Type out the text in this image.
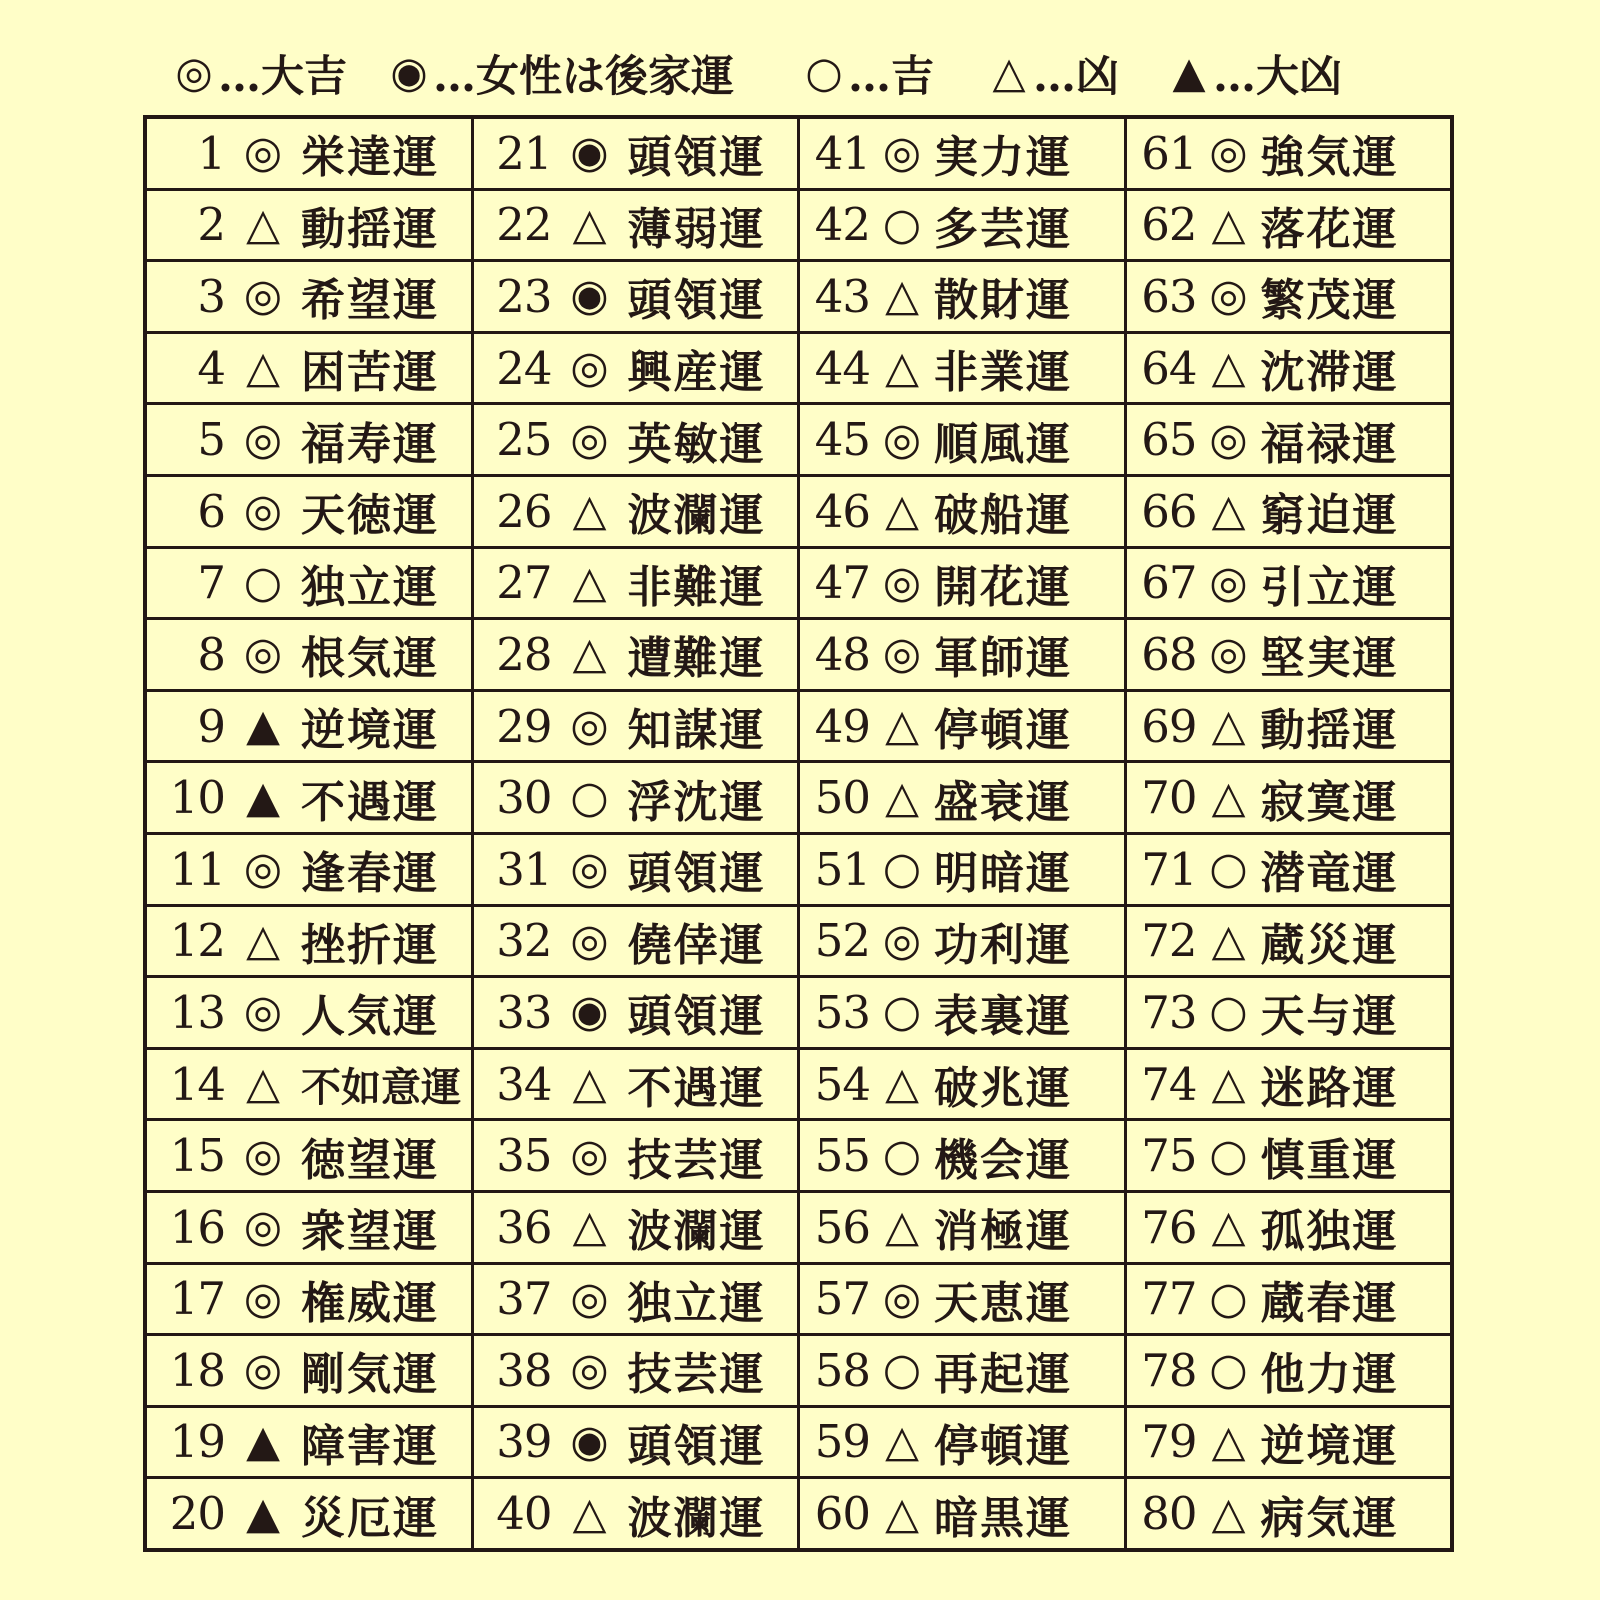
◎ …大吉 ◉ …女性は後家運 ○ …吉 △ …凶 ▲ …大凶
1 ◎ 栄達運
2 △ 動揺運
3 ◎ 希望運
4 △ 困苦運
5 ◎ 福寿運
6 ◎ 天徳運
7 ○ 独立運
8 ◎ 根気運
9 ▲ 逆境運
10 ▲ 不遇運
11 ◎ 逢春運
12 △ 挫折運
13 ◎ 人気運
14 △ 不如意運
15 ◎ 徳望運
16 ◎ 衆望運
17 ◎ 権威運
18 ◎ 剛気運
19 ▲ 障害運
20 ▲ 災厄運
21 ◉ 頭領運
22 △ 薄弱運
23 ◉ 頭領運
24 ◎ 興産運
25 ◎ 英敏運
26 △ 波瀾運
27 △ 非難運
28 △ 遭難運
29 ◎ 知謀運
30 ○ 浮沈運
31 ◎ 頭領運
32 ◎ 僥倖運
33 ◉ 頭領運
34 △ 不遇運
35 ◎ 技芸運
36 △ 波瀾運
37 ◎ 独立運
38 ◎ 技芸運
39 ◉ 頭領運
40 △ 波瀾運
41 ◎ 実力運
42 ○ 多芸運
43 △ 散財運
44 △ 非業運
45 ◎ 順風運
46 △ 破船運
47 ◎ 開花運
48 ◎ 軍師運
49 △ 停頓運
50 △ 盛衰運
51 ○ 明暗運
52 ◎ 功利運
53 ○ 表裏運
54 △ 破兆運
55 ○ 機会運
56 △ 消極運
57 ◎ 天恵運
58 ○ 再起運
59 △ 停頓運
60 △ 暗黒運
61 ◎ 強気運
62 △ 落花運
63 ◎ 繁茂運
64 △ 沈滞運
65 ◎ 福禄運
66 △ 窮迫運
67 ◎ 引立運
68 ◎ 堅実運
69 △ 動揺運
70 △ 寂寞運
71 ○ 潜竜運
72 △ 蔵災運
73 ○ 天与運
74 △ 迷路運
75 ○ 慎重運
76 △ 孤独運
77 ○ 蔵春運
78 ○ 他力運
79 △ 逆境運
80 △ 病気運
